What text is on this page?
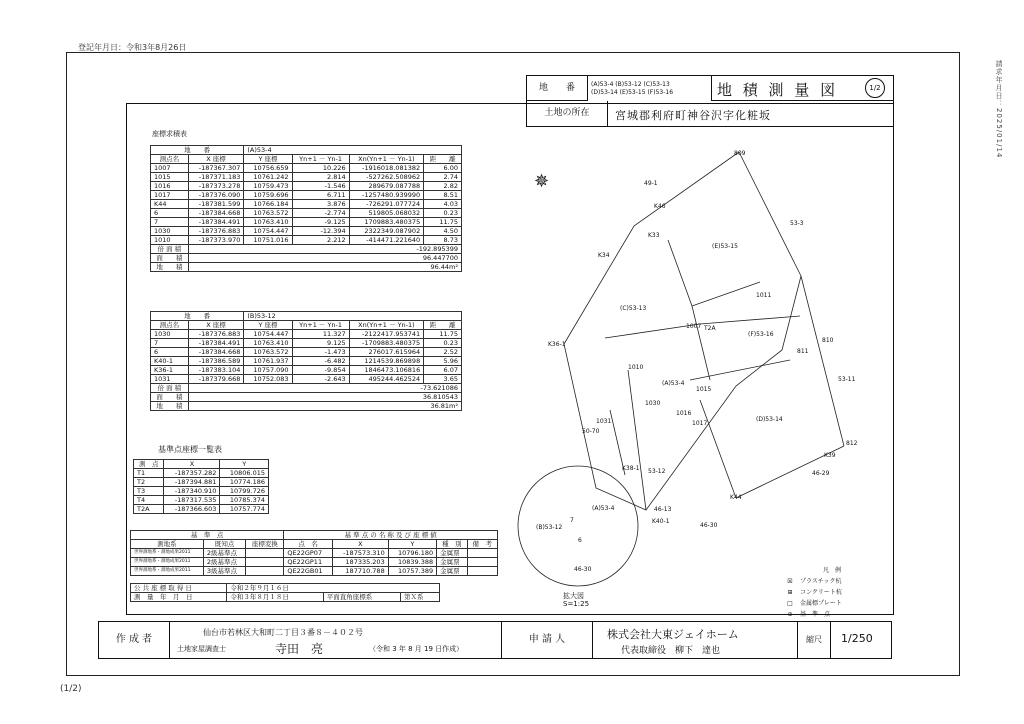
登記年月日：令和3年8月26日
請求年月日：2025/01/14
(1/2)
地　　番	(A)53-4 (B)53-12 (C)53-13
(D)53-14 (E)53-15 (F)53-16	地 積 測 量 図	1/2
土地の所在	宮城郡利府町神谷沢字化粧坂
座標求積表
地　　番		(A)53-4			
測点名	X 座標	Y 座標	Yn+1 － Yn-1	Xn(Yn+1 － Yn-1)	距　　離
1007	-187367.307	10756.659	10.226	-1916018.081382	6.00
1015	-187371.183	10761.242	2.814	-527262.508962	2.74
1016	-187373.278	10759.473	-1.546	289679.087788	2.82
1017	-187376.090	10759.696	6.711	-1257480.939990	8.51
K44	-187381.599	10766.184	3.876	-726291.077724	4.03
6	-187384.668	10763.572	-2.774	519805.068032	0.23
7	-187384.491	10763.410	-9.125	1709883.480375	11.75
1030	-187376.883	10754.447	-12.394	2322349.087902	4.50
1010	-187373.970	10751.016	2.212	-414471.221640	8.73
倍 面 積	-192.895399				
面　　積	96.447700				
地　　積	96.44m²				
地　　番		(B)53-12			
測点名	X 座標	Y 座標	Yn+1 － Yn-1	Xn(Yn+1 － Yn-1)	距　　離
1030	-187376.883	10754.447	11.327	-2122417.953741	11.75
7	-187384.491	10763.410	9.125	-1709883.480375	0.23
6	-187384.668	10763.572	-1.473	276017.615964	2.52
K40-1	-187386.589	10761.937	-6.482	1214539.869898	5.96
K36-1	-187383.104	10757.090	-9.854	1846473.106816	6.07
1031	-187379.668	10752.083	-2.643	495244.462524	3.65
倍 面 積	-73.621086				
面　　積	36.810543				
地　　積	36.81m²				
基準点座標一覧表
測　点	X	Y
T1	-187357.282	10806.015
T2	-187394.881	10774.186
T3	-187340.910	10799.726
T4	-187317.535	10785.374
T2A	-187366.603	10757.774
基　準　点			基 準 点 の 名 称 及 び 座 標 値				
測地系	既知点	座標変換	点　名	X	Y	種　別	備　考
世界測地系・測地成果2011	2級基準点		QE22GP07	-187573.310	10796.180	金属票	
世界測地系・測地成果2011	2級基準点		QE22GP11	187335.203	10839.388	金属票	
世界測地系・測地成果2011	3級基準点		QE22GB01	187710.788	10757.389	金属票	
公 共 座 標 取 得 日	令和２年９月１６日		
測　量　年　月　日	令和３年８月１８日	平面直角座標系	第Ｘ系
✵	49-1
53-3
53-11
46-29
46-30
46-13
50-70
53-12
(E)53-15
(C)53-13
(F)53-16
(A)53-4
(D)53-14
809
K46
K33
K34
K36-1
1031
1030
1010
1007
1011
T2A
810
811
1015
1016
1017
K39
812
K44
K40-1
K38-1
(B)53-12
(A)53-4
46-30
7
6
拡大図
S=1:25
凡　例
☒ プラスチック杭
⊞ コンクリート杭
□ 金属標プレート
⊕ 基　準　点
作 成 者
仙台市若林区大和町二丁目３番８－４０２号
土地家屋調査士	寺田　亮	（令和 3 年 8 月 19 日作成）
申 請 人	株式会社大東ジェイホーム
代表取締役　柳下　達也
縮尺	1/250
